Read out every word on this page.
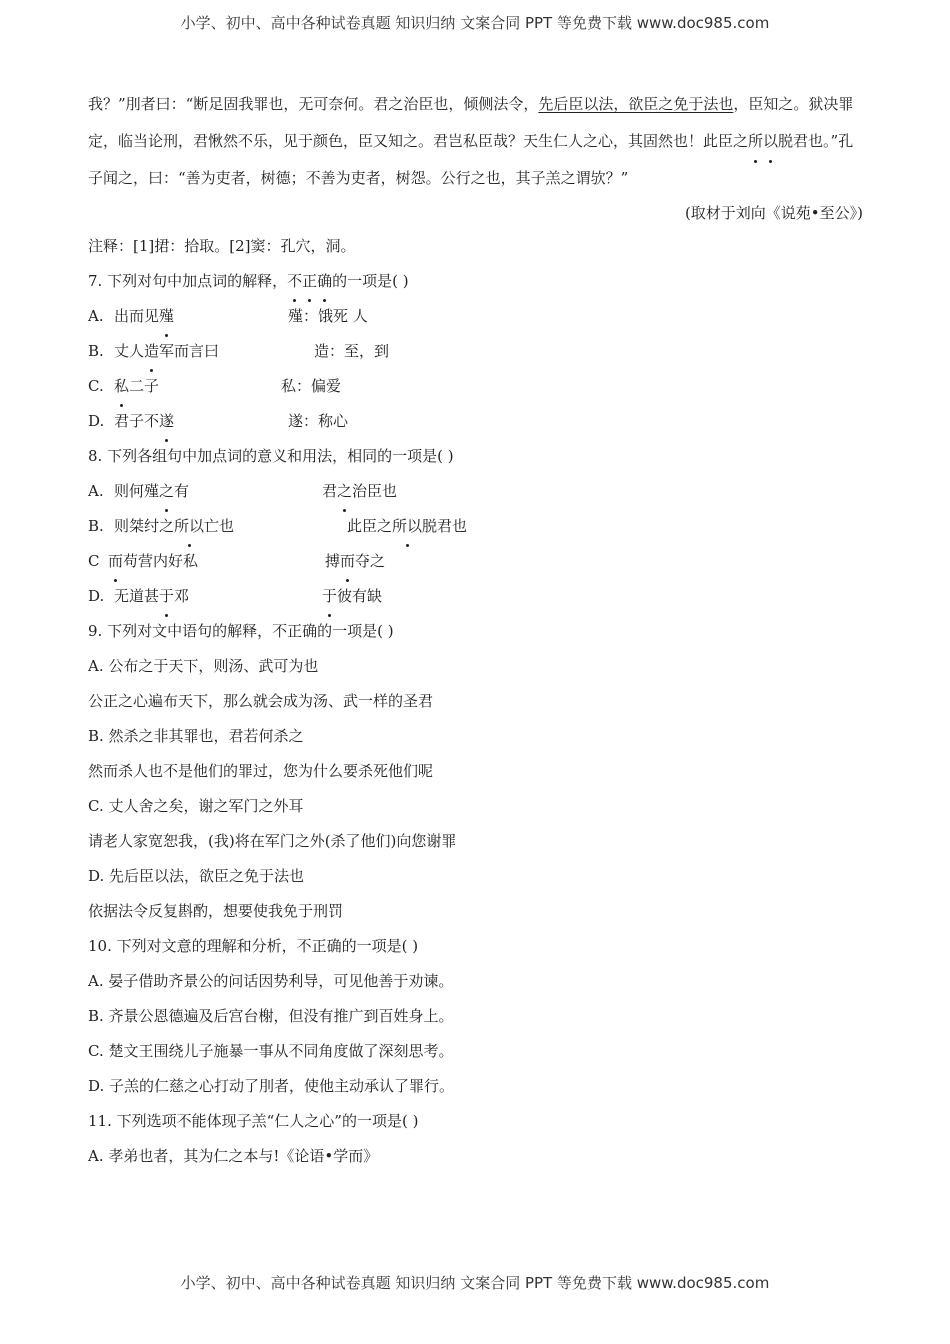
小学、初中、高中各种试卷真题 知识归纳 文案合同 PPT 等免费下载 www.doc985.com

我？”刖者曰：“断足固我罪也，无可奈何。君之治臣也，倾侧法令，先后臣以法，欲臣之免于法也，臣知之。狱决罪定，临当论刑，君愀然不乐，见于颜色，臣又知之。君岂私臣哉？天生仁人之心，其固然也！此臣之所以脱君也。”孔子闻之，曰：“善为吏者，树德；不善为吏者，树怨。公行之也，其子羔之谓欤？”

(取材于刘向《说苑•至公》)

注释：[1]捃：拾取。[2]窦：孔穴，洞。

7. 下列对句中加点词的解释，不正确的一项是( )

A. 出而见殣	殣：饿死 人

B. 丈人造军而言曰	造：至，到

C. 私二子	私：偏爱

D. 君子不遂	遂：称心

8. 下列各组句中加点词的意义和用法，相同的一项是( )

A. 则何殣之有	君之治臣也

B. 则桀纣之所以亡也	此臣之所以脱君也

C 而苟营内好私	搏而夺之

D. 无道甚于邓	于彼有缺

9. 下列对文中语句的解释，不正确的一项是( )

A. 公布之于天下，则汤、武可为也

公正之心遍布天下，那么就会成为汤、武一样的圣君

B. 然杀之非其罪也，君若何杀之

然而杀人也不是他们的罪过，您为什么要杀死他们呢

C. 丈人舍之矣，谢之军门之外耳

请老人家宽恕我，(我)将在军门之外(杀了他们)向您谢罪

D. 先后臣以法，欲臣之免于法也

依据法令反复斟酌，想要使我免于刑罚

10. 下列对文意的理解和分析，不正确的一项是( )

A. 晏子借助齐景公的问话因势利导，可见他善于劝谏。

B. 齐景公恩德遍及后宫台榭，但没有推广到百姓身上。

C. 楚文王围绕儿子施暴一事从不同角度做了深刻思考。

D. 子羔的仁慈之心打动了刖者，使他主动承认了罪行。

11. 下列选项不能体现子羔“仁人之心”的一项是( )

A. 孝弟也者，其为仁之本与!《论语•学而》

小学、初中、高中各种试卷真题 知识归纳 文案合同 PPT 等免费下载 www.doc985.com
